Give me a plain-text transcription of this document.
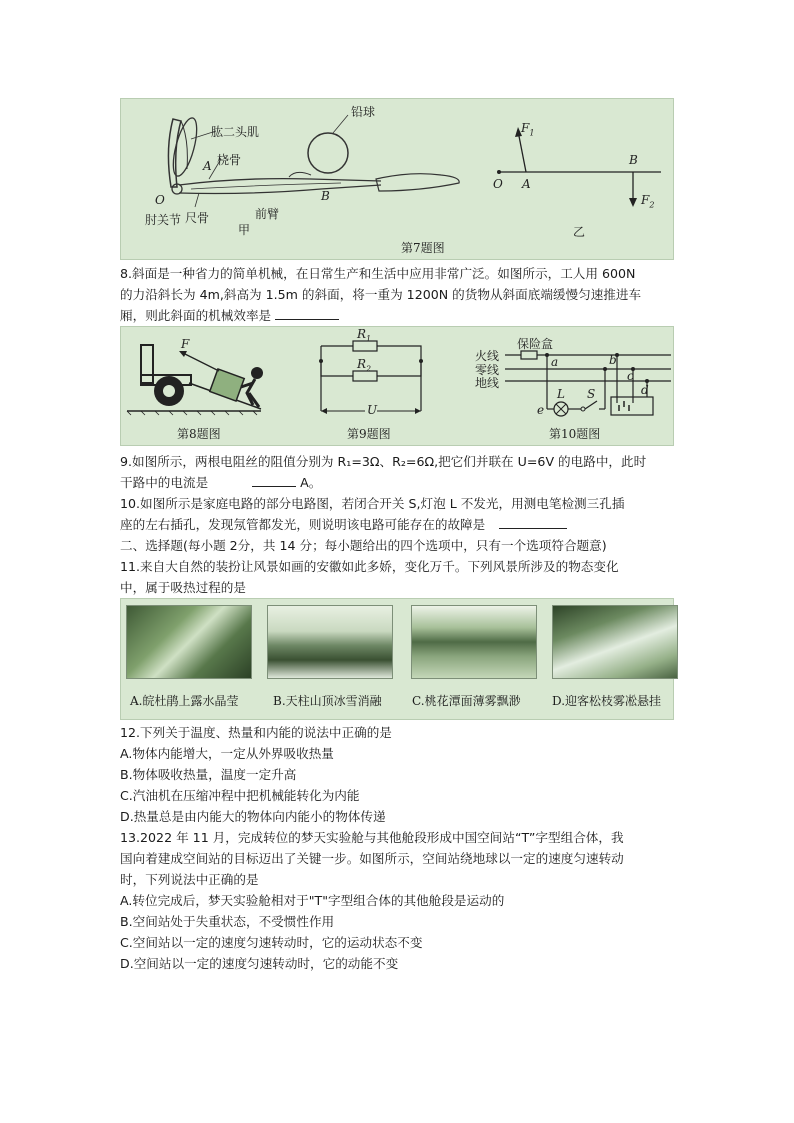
肱二头肌
A 桡骨
O
肘关节 尺骨	前臂
甲
B
铅球
O A
B
$F_1$
$F_2$
乙
第7题图
8.斜面是一种省力的简单机械，在日常生产和生活中应用非常广泛。如图所示，工人用 600N
的力沿斜长为 4m,斜高为 1.5m 的斜面，将一重为 1200N 的货物从斜面底端缓慢匀速推进车
厢，则此斜面的机械效率是
F
$R_1$
$R_2$
U
保险盒
火线
零线
地线
a	b
c
d
e
L S
第8题图	第9题图	第10题图
9.如图所示，两根电阻丝的阻值分别为 R₁=3Ω、R₂=6Ω,把它们并联在 U=6V 的电路中，此时
干路中的电流是	A。
10.如图所示是家庭电路的部分电路图，若闭合开关 S,灯泡 L 不发光，用测电笔检测三孔插
座的左右插孔，发现氖管都发光，则说明该电路可能存在的故障是
二、选择题(每小题 2分，共 14 分；每小题给出的四个选项中，只有一个选项符合题意)
11.来自大自然的装扮让风景如画的安徽如此多娇，变化万千。下列风景所涉及的物态变化
中，属于吸热过程的是
A.皖杜鹃上露水晶莹	B.天柱山顶冰雪消融	C.桃花潭面薄雾飘渺	D.迎客松枝雾凇悬挂
12.下列关于温度、热量和内能的说法中正确的是
A.物体内能增大，一定从外界吸收热量
B.物体吸收热量，温度一定升高
C.汽油机在压缩冲程中把机械能转化为内能
D.热量总是由内能大的物体向内能小的物体传递
13.2022 年 11 月，完成转位的梦天实验舱与其他舱段形成中国空间站“T”字型组合体，我
国向着建成空间站的目标迈出了关键一步。如图所示，空间站绕地球以一定的速度匀速转动
时，下列说法中正确的是
A.转位完成后，梦天实验舱相对于"T"字型组合体的其他舱段是运动的
B.空间站处于失重状态，不受惯性作用
C.空间站以一定的速度匀速转动时，它的运动状态不变
D.空间站以一定的速度匀速转动时，它的动能不变
